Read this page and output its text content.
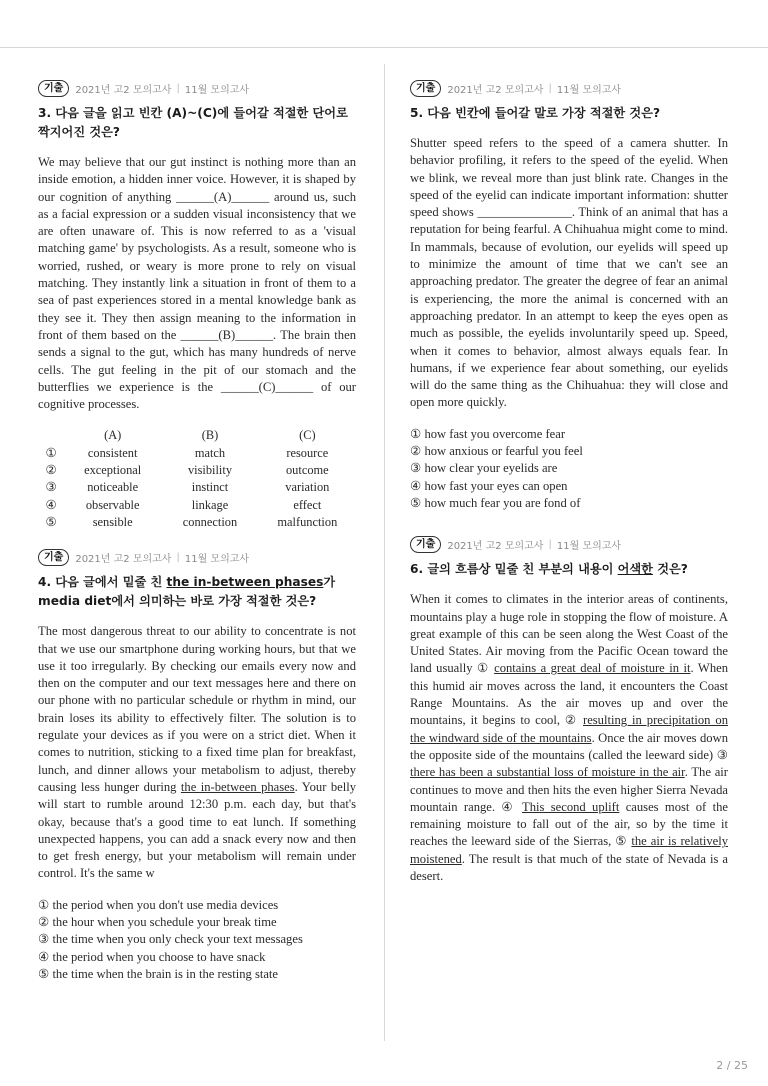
기출	2021년 고2 모의고사 | 11월 모의고사
3. 다음 글을 읽고 빈칸 (A)~(C)에 들어갈 적절한 단어로 짝지어진 것은?

We may believe that our gut instinct is nothing more than an inside emotion, a hidden inner voice. However, it is shaped by our cognition of anything ______(A)______ around us, such as a facial expression or a sudden visual inconsistency that we are often unaware of. This is now referred to as a 'visual matching game' by psychologists. As a result, someone who is worried, rushed, or weary is more prone to rely on visual matching. They instantly link a situation in front of them to a sea of past experiences stored in a mental knowledge bank as they see it. They then assign meaning to the information in front of them based on the ______(B)______. The brain then sends a signal to the gut, which has many hundreds of nerve cells. The gut feeling in the pit of our stomach and the butterflies we experience is the ______(C)______ of our cognitive processes.

(A)	(B)	(C)
①	consistent	match	resource
②	exceptional	visibility	outcome
③	noticeable	instinct	variation
④	observable	linkage	effect
⑤	sensible	connection	malfunction
기출	2021년 고2 모의고사 | 11월 모의고사
4. 다음 글에서 밑줄 친 the in-between phases가 media diet에서 의미하는 바로 가장 적절한 것은?

The most dangerous threat to our ability to concentrate is not that we use our smartphone during working hours, but that we use it too irregularly. By checking our emails every now and then on the computer and our text messages here and there on our phone with no particular schedule or rhythm in mind, our brain loses its ability to effectively filter. The solution is to regulate your devices as if you were on a strict diet. When it comes to nutrition, sticking to a fixed time plan for breakfast, lunch, and dinner allows your metabolism to adjust, thereby causing less hunger during the in-between phases. Your belly will start to rumble around 12:30 p.m. each day, but that's okay, because that's a good time to eat lunch. If something unexpected happens, you can add a snack every now and then to get fresh energy, but your metabolism will remain under control. It's the same w

① the period when you don't use media devices
② the hour when you schedule your break time
③ the time when you only check your text messages
④ the period when you choose to have snack
⑤ the time when the brain is in the resting state
기출	2021년 고2 모의고사 | 11월 모의고사
5. 다음 빈칸에 들어갈 말로 가장 적절한 것은?

Shutter speed refers to the speed of a camera shutter. In behavior profiling, it refers to the speed of the eyelid. When we blink, we reveal more than just blink rate. Changes in the speed of the eyelid can indicate important information: shutter speed shows _______________. Think of an animal that has a reputation for being fearful. A Chihuahua might come to mind. In mammals, because of evolution, our eyelids will speed up to minimize the amount of time that we can't see an approaching predator. The greater the degree of fear an animal is experiencing, the more the animal is concerned with an approaching predator. In an attempt to keep the eyes open as much as possible, the eyelids involuntarily speed up. Speed, when it comes to behavior, almost always equals fear. In humans, if we experience fear about something, our eyelids will do the same thing as the Chihuahua: they will close and open more quickly.

① how fast you overcome fear
② how anxious or fearful you feel
③ how clear your eyelids are
④ how fast your eyes can open
⑤ how much fear you are fond of
기출	2021년 고2 모의고사 | 11월 모의고사
6. 글의 흐름상 밑줄 친 부분의 내용이 어색한 것은?

When it comes to climates in the interior areas of continents, mountains play a huge role in stopping the flow of moisture. A great example of this can be seen along the West Coast of the United States. Air moving from the Pacific Ocean toward the land usually ① contains a great deal of moisture in it. When this humid air moves across the land, it encounters the Coast Range Mountains. As the air moves up and over the mountains, it begins to cool, ② resulting in precipitation on the windward side of the mountains. Once the air moves down the opposite side of the mountains (called the leeward side) ③ there has been a substantial loss of moisture in the air. The air continues to move and then hits the even higher Sierra Nevada mountain range. ④ This second uplift causes most of the remaining moisture to fall out of the air, so by the time it reaches the leeward side of the Sierras, ⑤ the air is relatively moistened. The result is that much of the state of Nevada is a desert.

2 / 25
